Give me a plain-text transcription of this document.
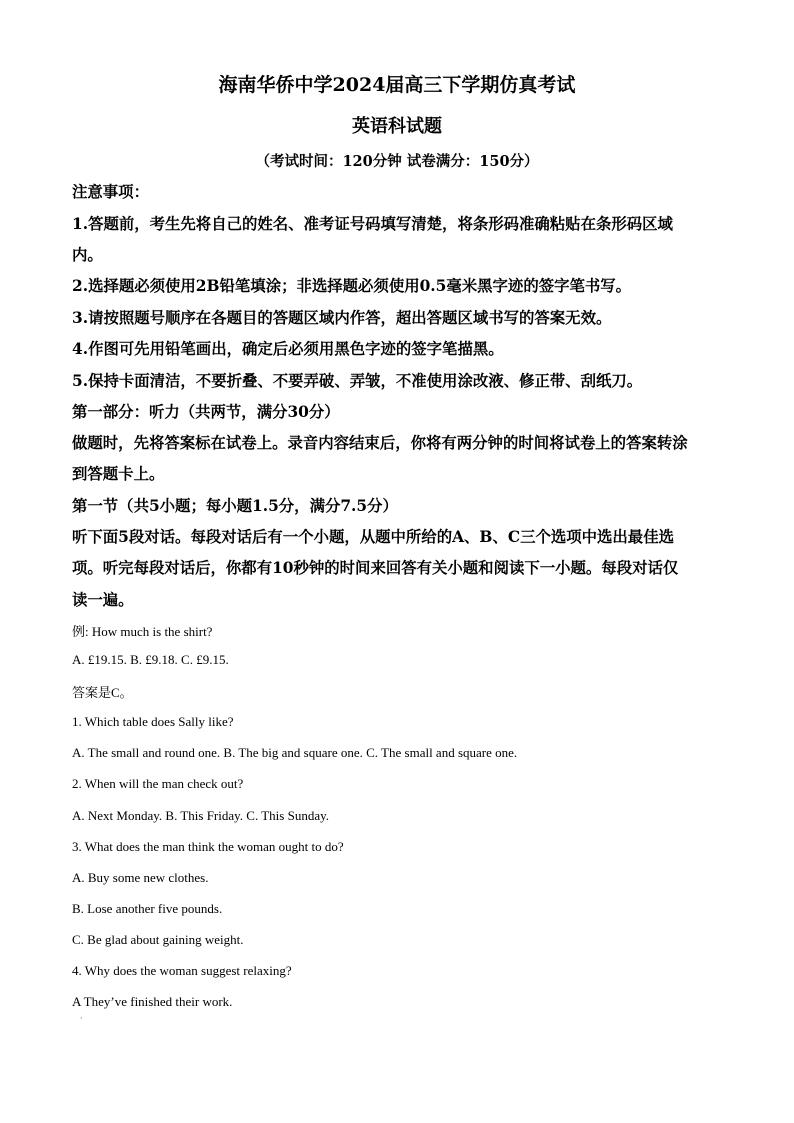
海南华侨中学2024届高三下学期仿真考试
英语科试题
（考试时间：120分钟 试卷满分：150分）
注意事项：
1.答题前，考生先将自己的姓名、准考证号码填写清楚，将条形码准确粘贴在条形码区域
内。
2.选择题必须使用2B铅笔填涂；非选择题必须使用0.5毫米黑字迹的签字笔书写。
3.请按照题号顺序在各题目的答题区域内作答，超出答题区域书写的答案无效。
4.作图可先用铅笔画出，确定后必须用黑色字迹的签字笔描黑。
5.保持卡面清洁，不要折叠、不要弄破、弄皱，不准使用涂改液、修正带、刮纸刀。
第一部分：听力（共两节，满分30分）
做题时，先将答案标在试卷上。录音内容结束后，你将有两分钟的时间将试卷上的答案转涂
到答题卡上。
第一节（共5小题；每小题1.5分，满分7.5分）
听下面5段对话。每段对话后有一个小题，从题中所给的A、B、C三个选项中选出最佳选
项。听完每段对话后，你都有10秒钟的时间来回答有关小题和阅读下一小题。每段对话仅
读一遍。
例: How much is the shirt?
A. £19.15. B. £9.18. C. £9.15.
答案是C。
1. Which table does Sally like?
A. The small and round one. B. The big and square one. C. The small and square one.
2. When will the man check out?
A. Next Monday. B. This Friday. C. This Sunday.
3. What does the man think the woman ought to do?
A. Buy some new clothes.
B. Lose another five pounds.
C. Be glad about gaining weight.
4. Why does the woman suggest relaxing?
A They’ve finished their work.
·
